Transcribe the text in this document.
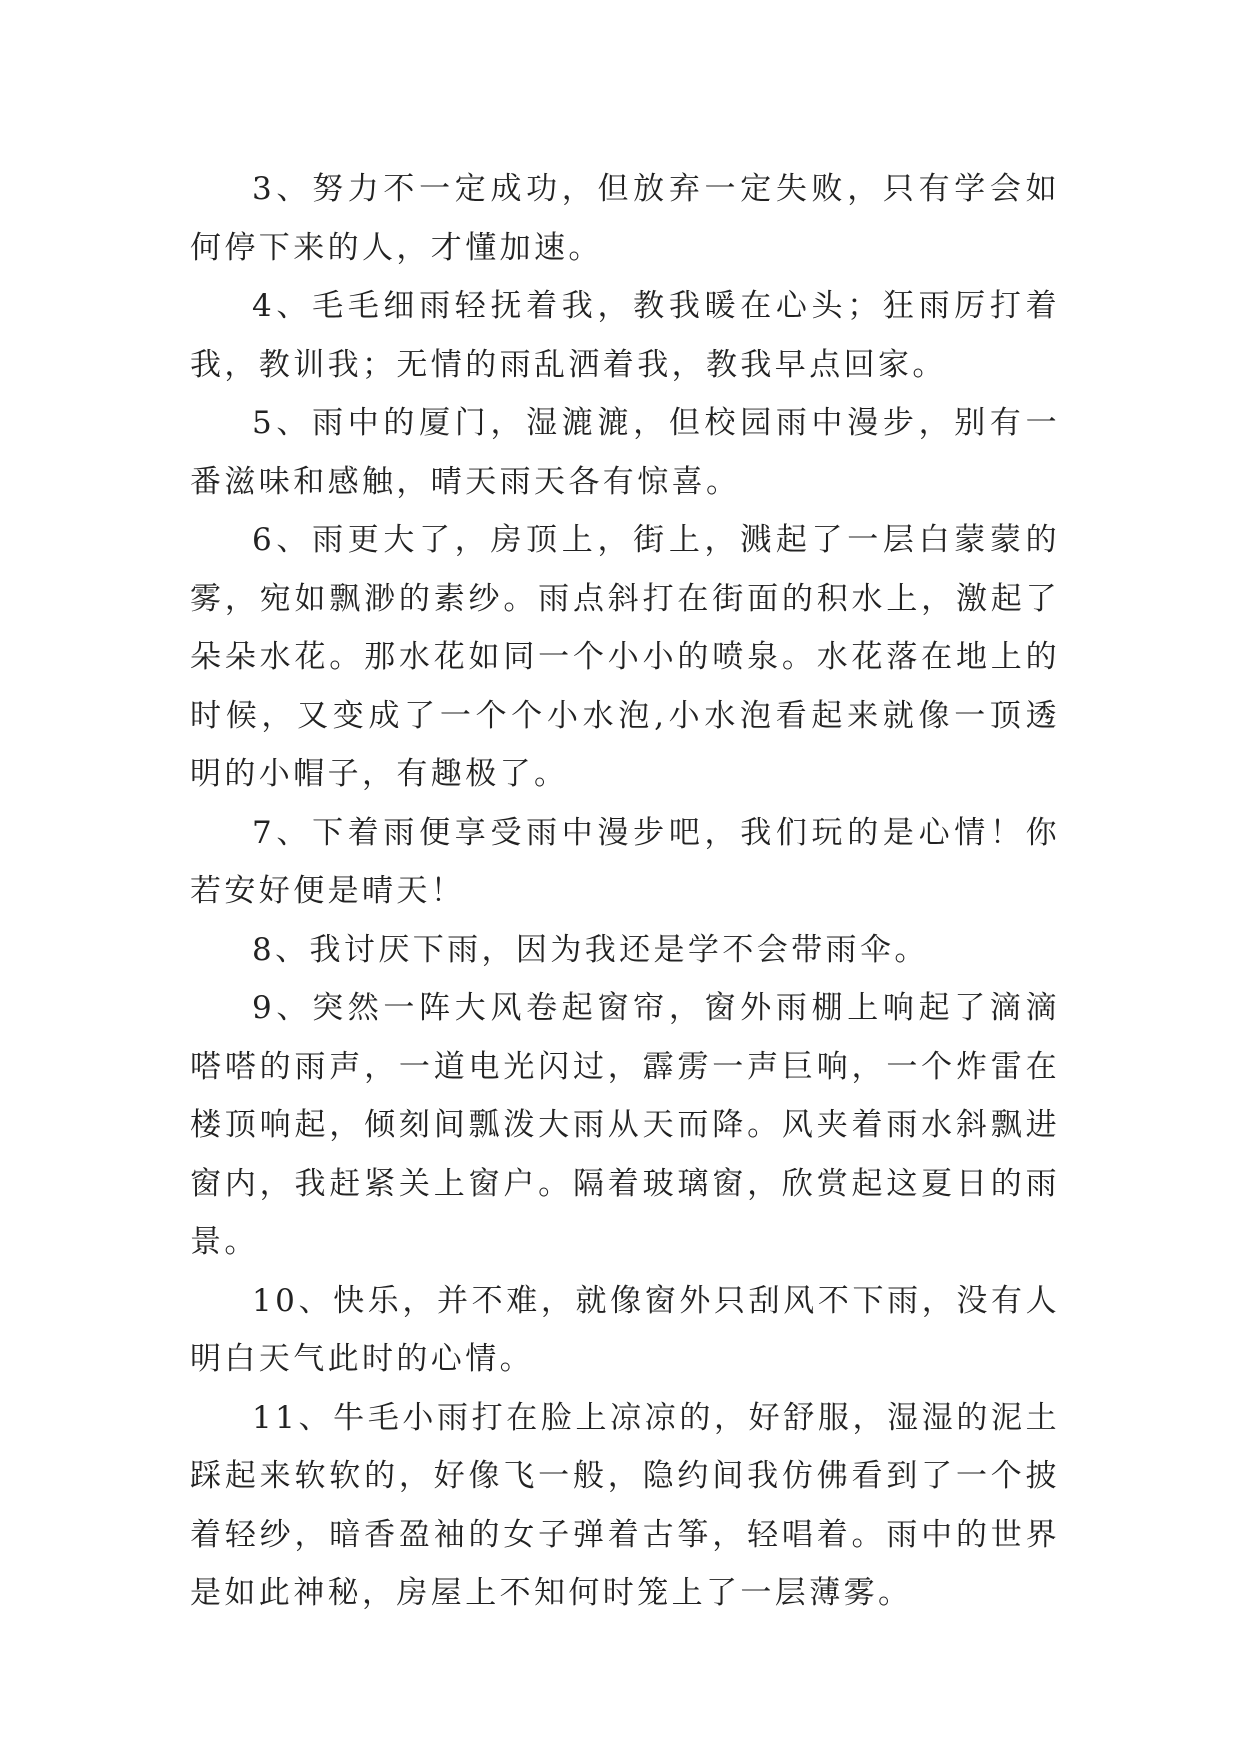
3、努力不一定成功，但放弃一定失败，只有学会如何停下来的人，才懂加速。

4、毛毛细雨轻抚着我，教我暖在心头；狂雨厉打着我，教训我；无情的雨乱洒着我，教我早点回家。

5、雨中的厦门，湿漉漉，但校园雨中漫步，别有一番滋味和感触，晴天雨天各有惊喜。

6、雨更大了，房顶上，街上，溅起了一层白蒙蒙的雾，宛如飘渺的素纱。雨点斜打在街面的积水上，激起了朵朵水花。那水花如同一个小小的喷泉。水花落在地上的时候，又变成了一个个小水泡,小水泡看起来就像一顶透明的小帽子，有趣极了。

7、下着雨便享受雨中漫步吧，我们玩的是心情！你若安好便是晴天！

8、我讨厌下雨，因为我还是学不会带雨伞。

9、突然一阵大风卷起窗帘，窗外雨棚上响起了滴滴嗒嗒的雨声，一道电光闪过，霹雳一声巨响，一个炸雷在楼顶响起，倾刻间瓢泼大雨从天而降。风夹着雨水斜飘进窗内，我赶紧关上窗户。隔着玻璃窗，欣赏起这夏日的雨景。

10、快乐，并不难，就像窗外只刮风不下雨，没有人明白天气此时的心情。

11、牛毛小雨打在脸上凉凉的，好舒服，湿湿的泥土踩起来软软的，好像飞一般，隐约间我仿佛看到了一个披着轻纱，暗香盈袖的女子弹着古筝，轻唱着。雨中的世界是如此神秘，房屋上不知何时笼上了一层薄雾。
